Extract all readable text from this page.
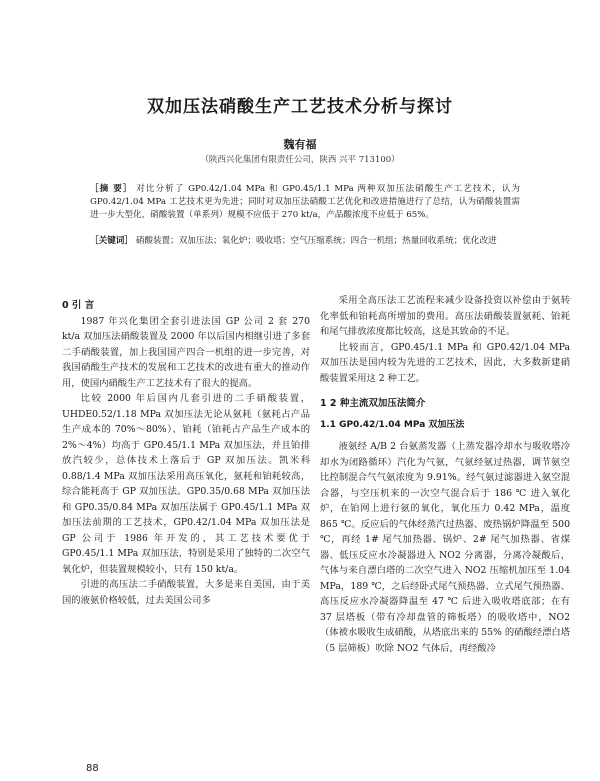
双加压法硝酸生产工艺技术分析与探讨
魏有福
（陕西兴化集团有限责任公司，陕西 兴平 713100）
［摘 要］ 对比分析了 GP0.42/1.04 MPa 和 GP0.45/1.1 MPa 两种双加压法硝酸生产工艺技术，认为 GP0.42/1.04 MPa 工艺技术更为先进；同时对双加压法硝酸工艺优化和改进措施进行了总结，认为硝酸装置需进一步大型化，硝酸装置（单系列）规模不应低于 270 kt/a，产品酸浓度不应低于 65%。
［关键词］ 硝酸装置；双加压法；氧化炉；吸收塔；空气压缩系统；四合一机组；热量回收系统；优化改进

0 引 言

1987 年兴化集团全套引进法国 GP 公司 2 套 270 kt/a 双加压法硝酸装置及 2000 年以后国内相继引进了多套二手硝酸装置，加上我国国产四合一机组的进一步完善，对我国硝酸生产技术的发展和工艺技术的改进有重大的推动作用，使国内硝酸生产工艺技术有了很大的提高。

比较 2000 年后国内几套引进的二手硝酸装置，UHDE0.52/1.18 MPa 双加压法无论从氨耗（氨耗占产品生产成本的 70%～80%）、铂耗（铂耗占产品生产成本的 2%～4%）均高于 GP0.45/1.1 MPa 双加压法，并且铂排放汽较少，总体技术上落后于 GP 双加压法。凯米科 0.88/1.4 MPa 双加压法采用高压氧化，氨耗和铂耗较高，综合能耗高于 GP 双加压法。GP0.35/0.68 MPa 双加压法和 GP0.35/0.84 MPa 双加压法属于 GP0.45/1.1 MPa 双加压法前期的工艺技术，GP0.42/1.04 MPa 双加压法是 GP 公司于 1986 年开发的，其工艺技术要优于 GP0.45/1.1 MPa 双加压法，特别是采用了独特的二次空气氧化炉，但装置规模较小，只有 150 kt/a。

引进的高压法二手硝酸装置，大多是来自美国，由于美国的液氨价格较低，过去美国公司多

采用全高压法工艺流程来减少设备投资以补偿由于氨转化率低和铂耗高所增加的费用。高压法硝酸装置氨耗、铂耗和尾气排放浓度都比较高，这是其致命的不足。

比较而言，GP0.45/1.1 MPa 和 GP0.42/1.04 MPa 双加压法是国内较为先进的工艺技术，因此，大多数新建硝酸装置采用这 2 种工艺。

1 2 种主流双加压法简介

1.1 GP0.42/1.04 MPa 双加压法

液氨经 A/B 2 台氨蒸发器（上蒸发器冷却水与吸收塔冷却水为闭路循环）汽化为气氨，气氨经氨过热器，调节氨空比控制混合气气氨浓度为 9.91%。经气氨过滤器进入氨空混合器，与空压机来的一次空气混合后于 186 ℃ 进入氧化炉，在铂网上进行氨的氧化，氧化压力 0.42 MPa，温度 865 ℃。反应后的气体经蒸汽过热器、废热锅炉降温至 500 ℃，再经 1# 尾气加热器、锅炉、2# 尾气加热器、省煤器、低压反应水冷凝器进入 NO2 分离器，分离冷凝酸后，气体与来自漂白塔的二次空气进入 NO2 压缩机加压至 1.04 MPa，189 ℃，之后经卧式尾气预热器、立式尾气预热器、高压反应水冷凝器降温至 47 ℃ 后进入吸收塔底部；在有 37 层塔板（带有冷却盘管的筛板塔）的吸收塔中，NO2（体被水吸收生成硝酸，从塔底出来的 55% 的硝酸经漂白塔（5 层筛板）吹除 NO2 气体后，再经酸冷

88
